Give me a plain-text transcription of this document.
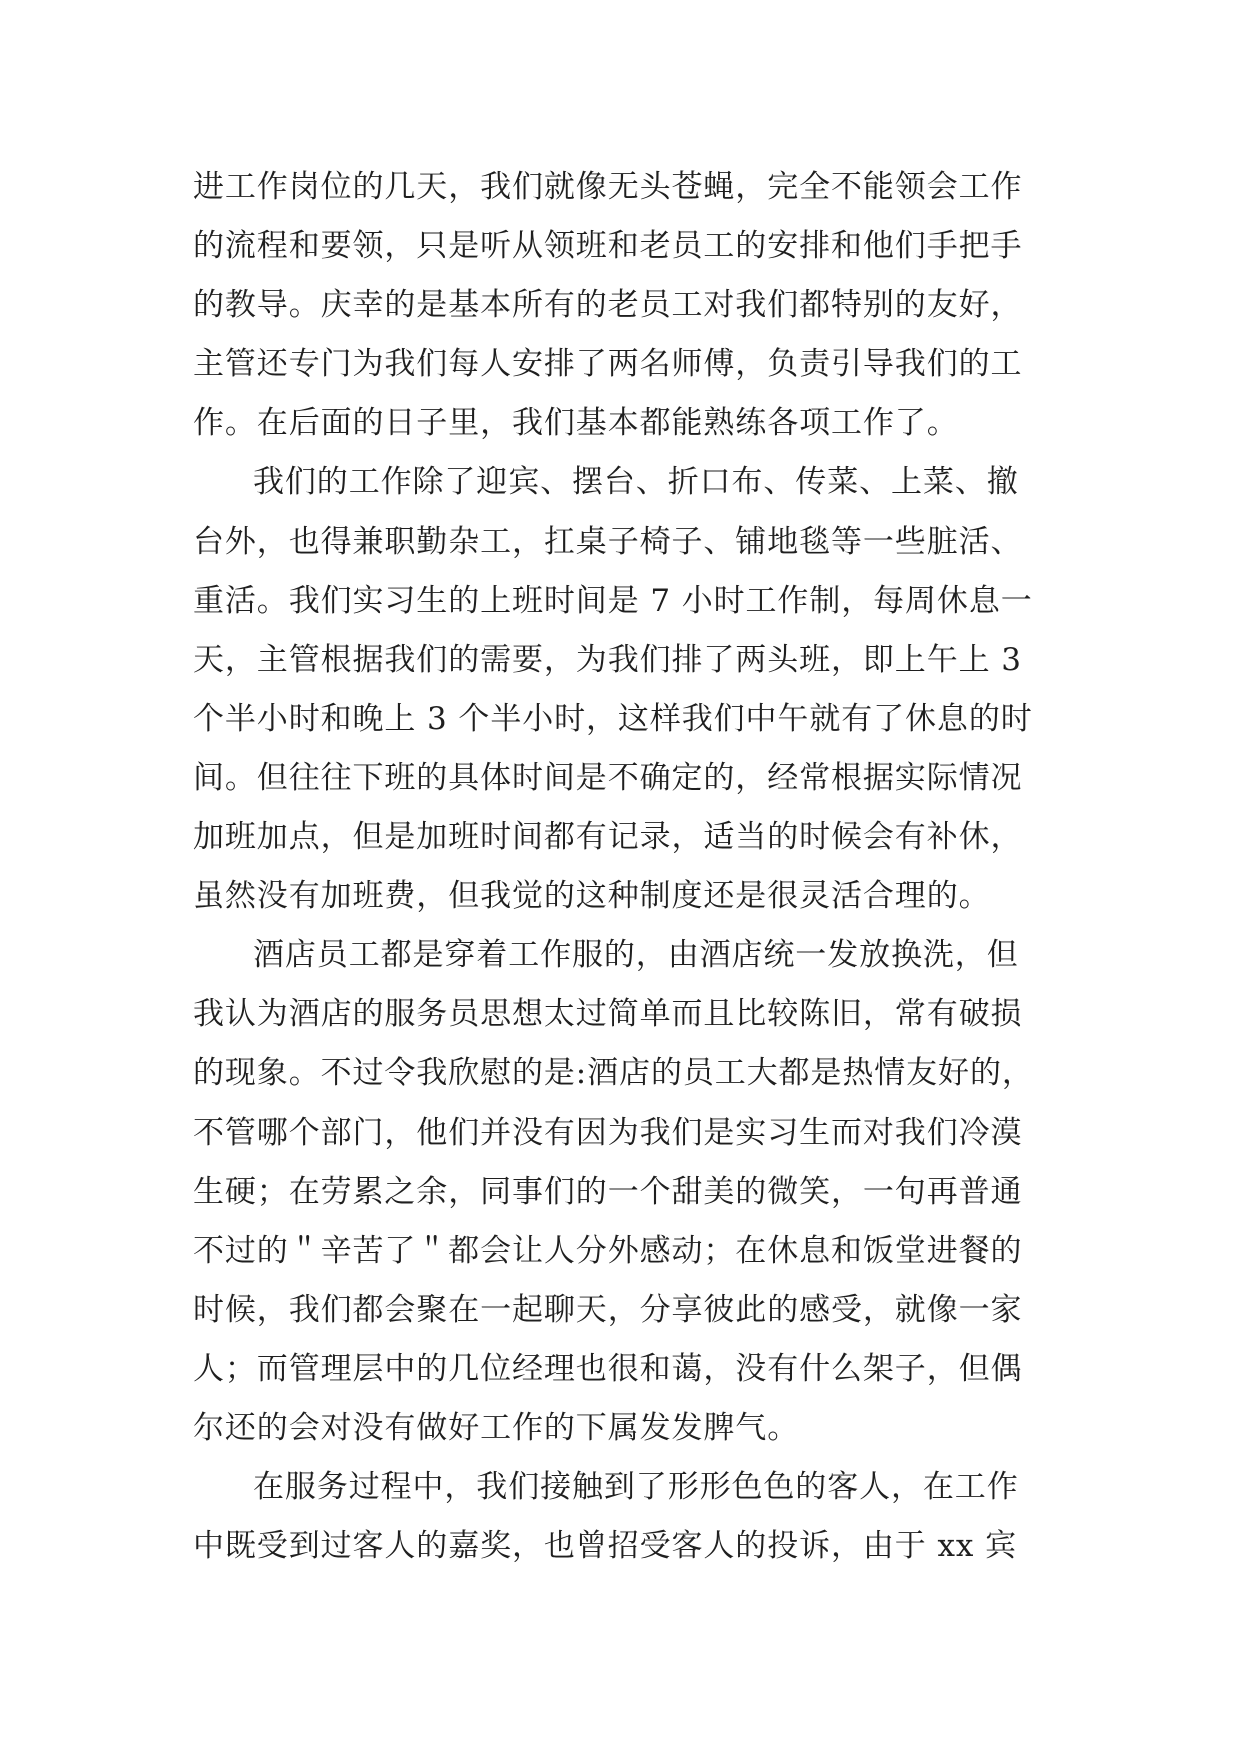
进工作岗位的几天，我们就像无头苍蝇，完全不能领会工作
的流程和要领，只是听从领班和老员工的安排和他们手把手
的教导。庆幸的是基本所有的老员工对我们都特别的友好，
主管还专门为我们每人安排了两名师傅，负责引导我们的工
作。在后面的日子里，我们基本都能熟练各项工作了。
我们的工作除了迎宾、摆台、折口布、传菜、上菜、撤
台外，也得兼职勤杂工，扛桌子椅子、铺地毯等一些脏活、
重活。我们实习生的上班时间是 7 小时工作制，每周休息一
天，主管根据我们的需要，为我们排了两头班，即上午上 3
个半小时和晚上 3 个半小时，这样我们中午就有了休息的时
间。但往往下班的具体时间是不确定的，经常根据实际情况
加班加点，但是加班时间都有记录，适当的时候会有补休，
虽然没有加班费，但我觉的这种制度还是很灵活合理的。
酒店员工都是穿着工作服的，由酒店统一发放换洗，但
我认为酒店的服务员思想太过简单而且比较陈旧，常有破损
的现象。不过令我欣慰的是:酒店的员工大都是热情友好的，
不管哪个部门，他们并没有因为我们是实习生而对我们冷漠
生硬；在劳累之余，同事们的一个甜美的微笑，一句再普通
不过的＂辛苦了＂都会让人分外感动；在休息和饭堂进餐的
时候，我们都会聚在一起聊天，分享彼此的感受，就像一家
人；而管理层中的几位经理也很和蔼，没有什么架子，但偶
尔还的会对没有做好工作的下属发发脾气。
在服务过程中，我们接触到了形形色色的客人，在工作
中既受到过客人的嘉奖，也曾招受客人的投诉，由于 xx 宾
